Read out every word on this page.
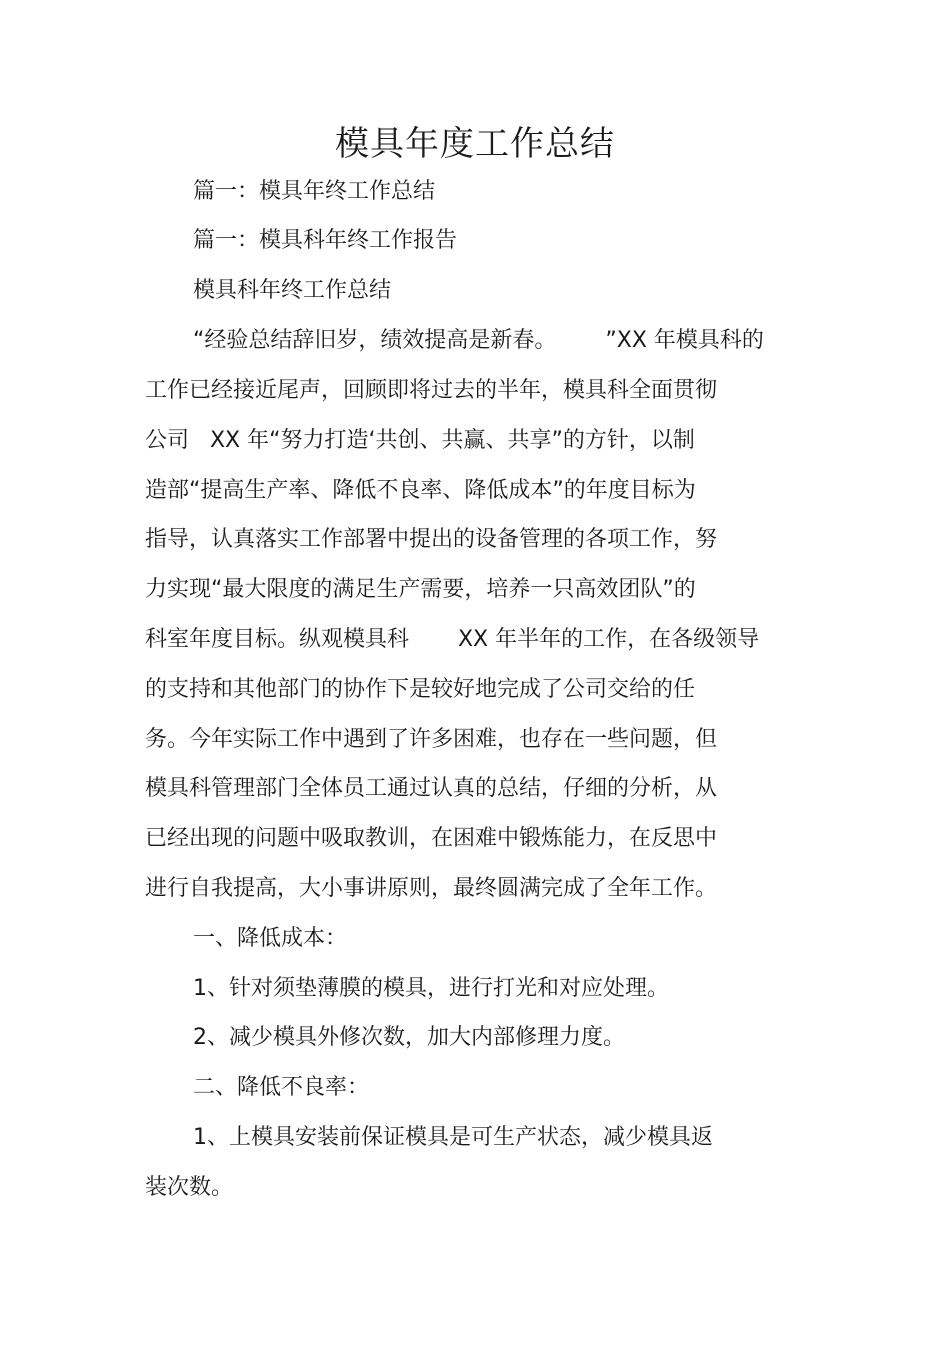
模具年度工作总结

篇一：模具年终工作总结

篇一：模具科年终工作报告

模具科年终工作总结

“经验总结辞旧岁，绩效提高是新春。       ”XX 年模具科的

工作已经接近尾声，回顾即将过去的半年，模具科全面贯彻

公司   XX 年“努力打造‘共创、共赢、共享”的方针，以制

造部“提高生产率、降低不良率、降低成本”的年度目标为

指导，认真落实工作部署中提出的设备管理的各项工作，努

力实现“最大限度的满足生产需要，培养一只高效团队”的

科室年度目标。纵观模具科       XX 年半年的工作，在各级领导

的支持和其他部门的协作下是较好地完成了公司交给的任

务。今年实际工作中遇到了许多困难，也存在一些问题，但

模具科管理部门全体员工通过认真的总结，仔细的分析，从

已经出现的问题中吸取教训，在困难中锻炼能力，在反思中

进行自我提高，大小事讲原则，最终圆满完成了全年工作。

一、降低成本：

1、针对须垫薄膜的模具，进行打光和对应处理。

2、减少模具外修次数，加大内部修理力度。

二、降低不良率：

1、上模具安装前保证模具是可生产状态，减少模具返

装次数。
